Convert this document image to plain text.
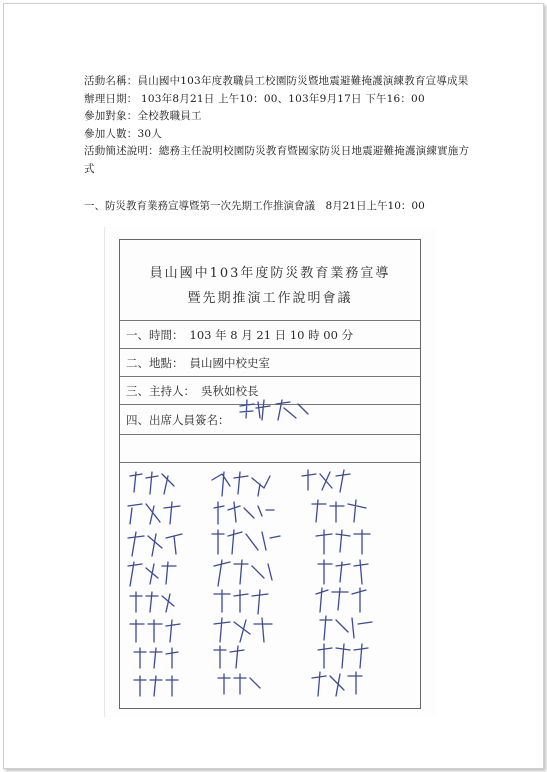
活動名稱：員山國中103年度教職員工校園防災暨地震避難掩護演練教育宣導成果
辦理日期： 103年8月21日 上午10：00、103年9月17日 下午16：00
參加對象：全校教職員工
參加人數：30人
活動簡述說明：總務主任說明校園防災教育暨國家防災日地震避難掩護演練實施方式
一、防災教育業務宣導暨第一次先期工作推演會議　8月21日上午10：00
員山國中103年度防災教育業務宣導
暨先期推演工作說明會議
一、時間： 103 年 8 月 21 日 10 時 00 分
二、地點： 員山國中校史室
三、主持人： 吳秋如校長
四、出席人員簽名：
